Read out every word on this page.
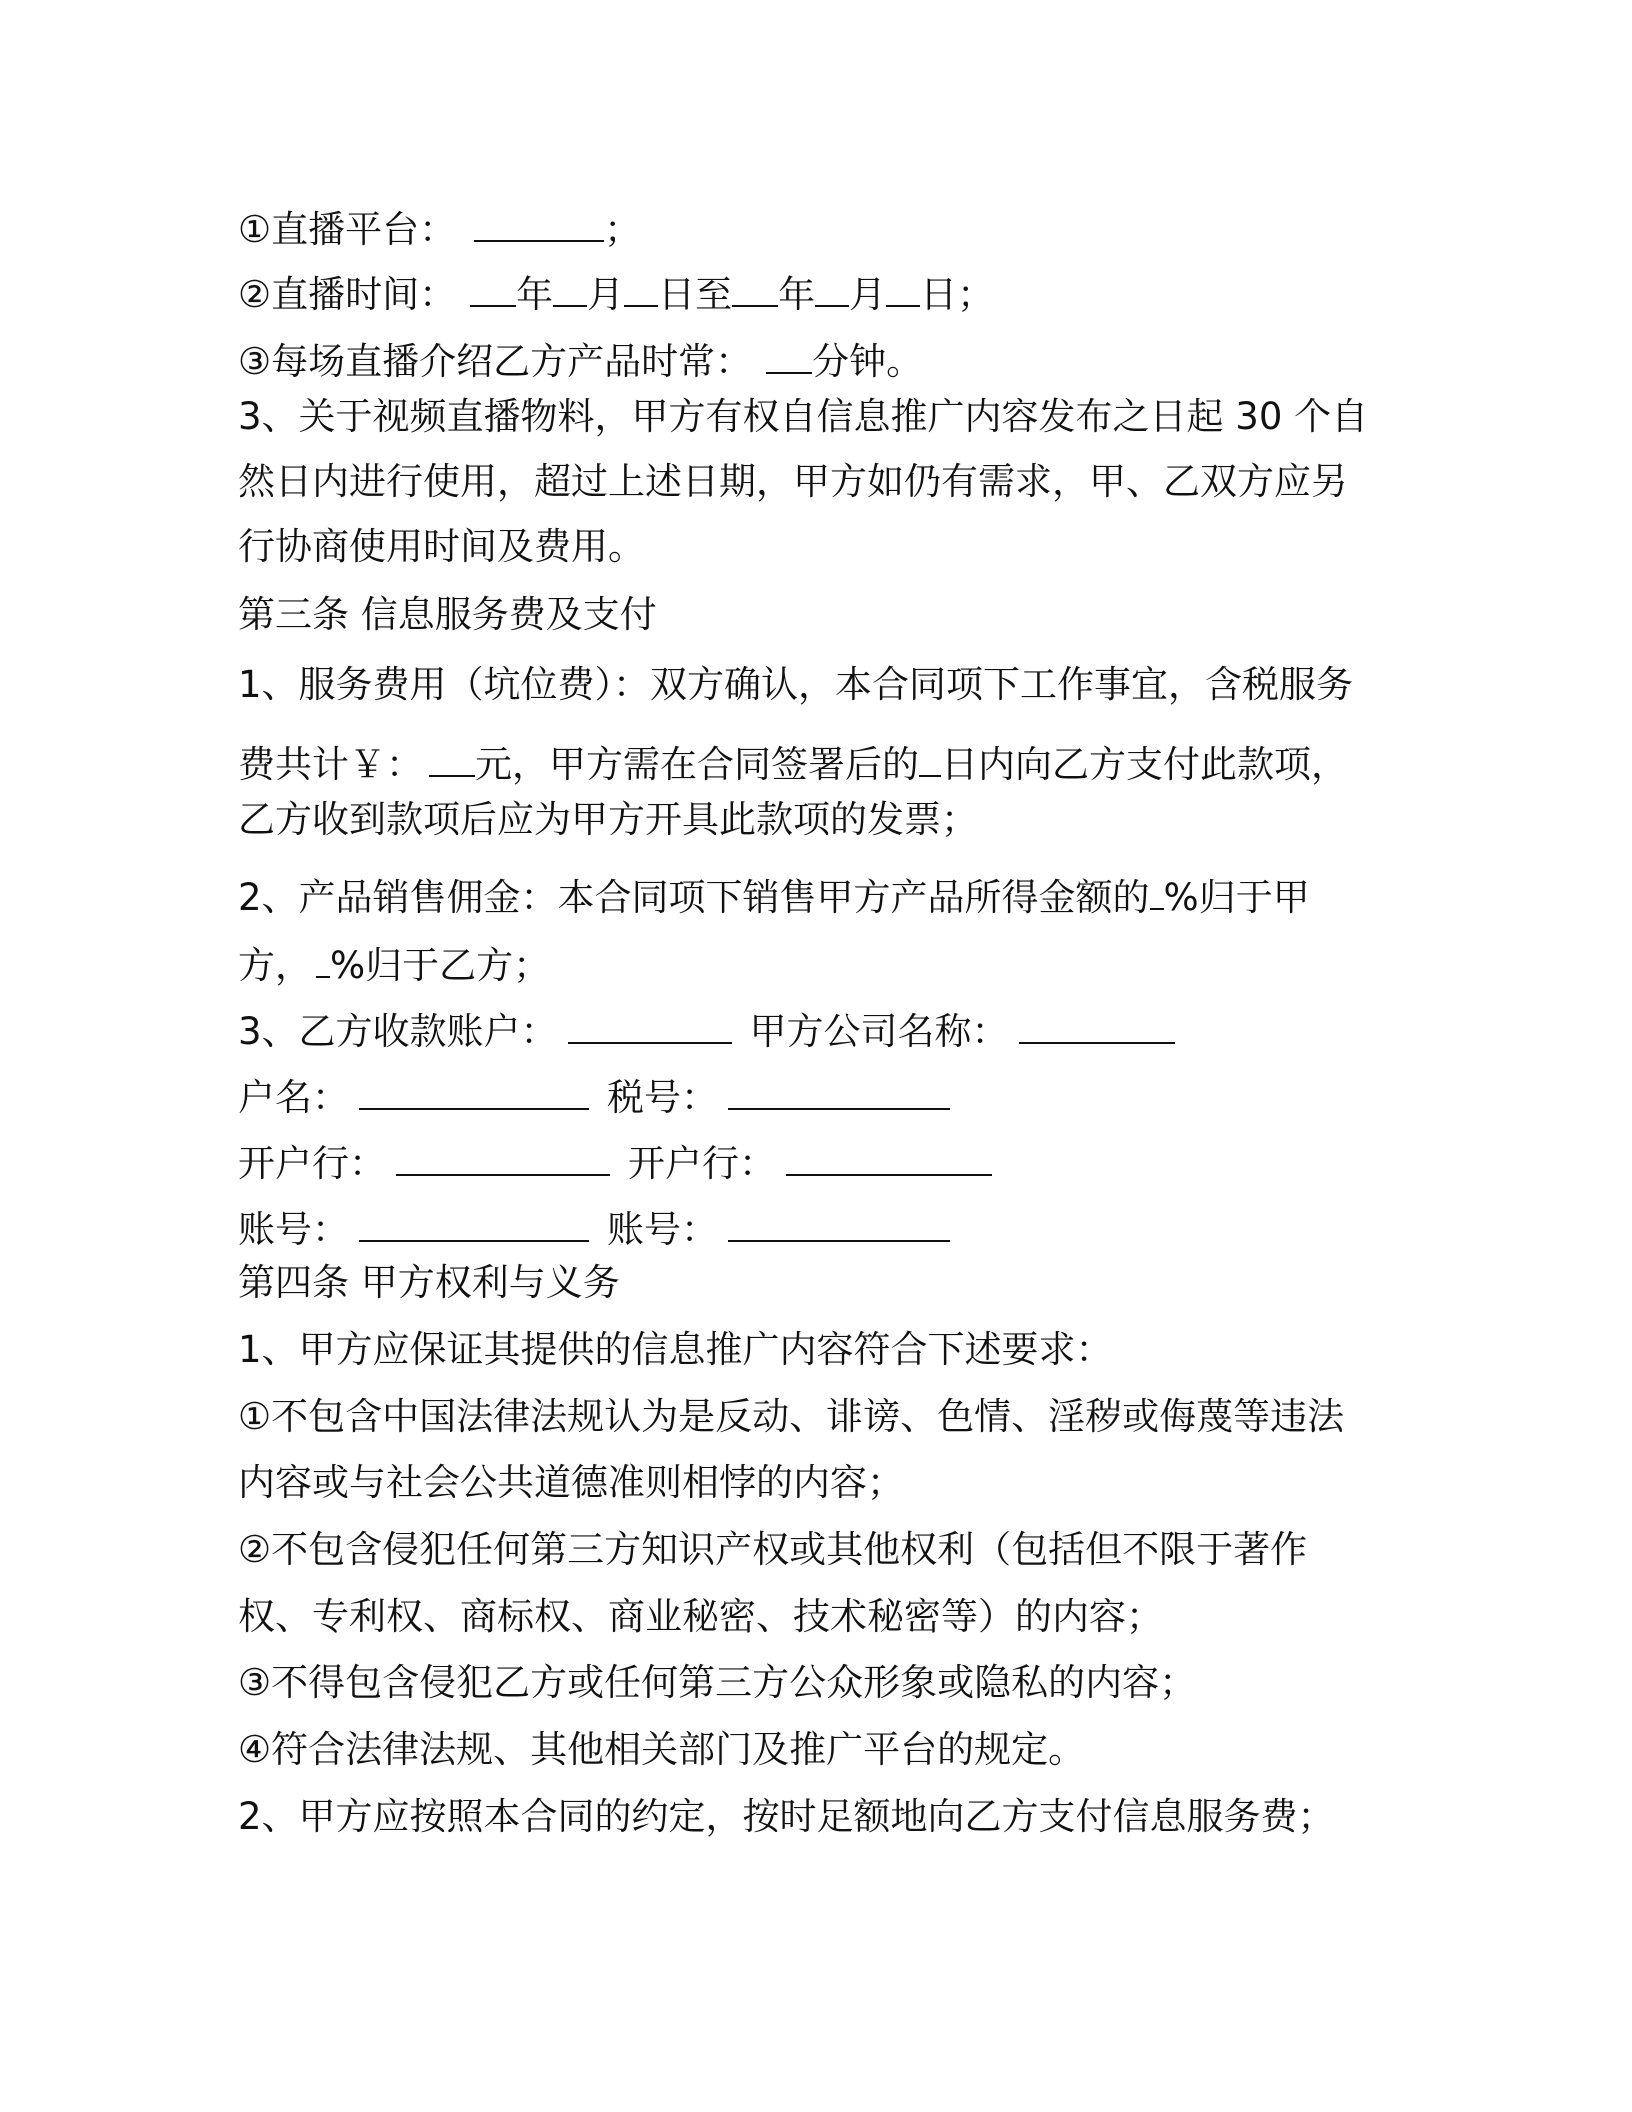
①直播平台：	；
②直播时间： 年 月 日至 年 月 日；
③每场直播介绍乙方产品时常： 分钟。
3、关于视频直播物料，甲方有权自信息推广内容发布之日起 30 个自
然日内进行使用，超过上述日期，甲方如仍有需求，甲、乙双方应另
行协商使用时间及费用。
第三条 信息服务费及支付
1、服务费用（坑位费）：双方确认，本合同项下工作事宜，含税服务
费共计￥： 元，甲方需在合同签署后的 日内向乙方支付此款项，
乙方收到款项后应为甲方开具此款项的发票；
2、产品销售佣金：本合同项下销售甲方产品所得金额的 %归于甲
方， %归于乙方；
3、乙方收款账户：	甲方公司名称：
户名：	税号：
开户行：	开户行：
账号：	账号：
第四条 甲方权利与义务
1、甲方应保证其提供的信息推广内容符合下述要求：
①不包含中国法律法规认为是反动、诽谤、色情、淫秽或侮蔑等违法
内容或与社会公共道德准则相悖的内容；
②不包含侵犯任何第三方知识产权或其他权利（包括但不限于著作
权、专利权、商标权、商业秘密、技术秘密等）的内容；
③不得包含侵犯乙方或任何第三方公众形象或隐私的内容；
④符合法律法规、其他相关部门及推广平台的规定。
2、甲方应按照本合同的约定，按时足额地向乙方支付信息服务费；
